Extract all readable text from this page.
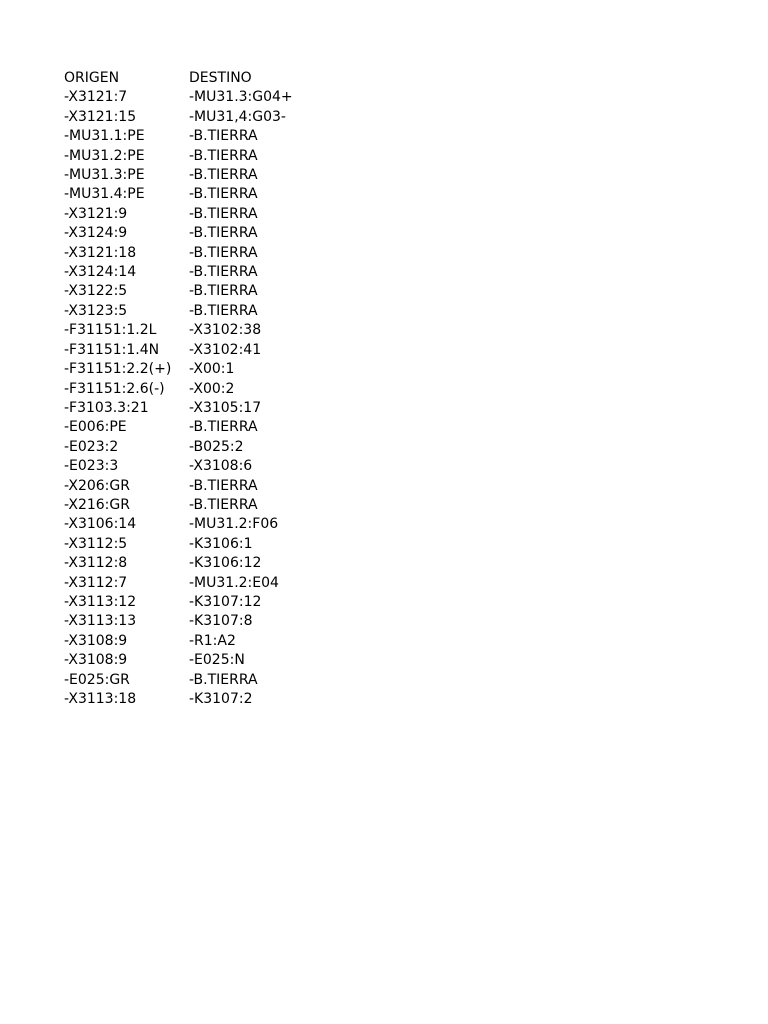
ORIGEN	DESTINO
-X3121:7	-MU31.3:G04+
-X3121:15	-MU31,4:G03-
-MU31.1:PE	-B.TIERRA
-MU31.2:PE	-B.TIERRA
-MU31.3:PE	-B.TIERRA
-MU31.4:PE	-B.TIERRA
-X3121:9	-B.TIERRA
-X3124:9	-B.TIERRA
-X3121:18	-B.TIERRA
-X3124:14	-B.TIERRA
-X3122:5	-B.TIERRA
-X3123:5	-B.TIERRA
-F31151:1.2L	-X3102:38
-F31151:1.4N	-X3102:41
-F31151:2.2(+)	-X00:1
-F31151:2.6(-)	-X00:2
-F3103.3:21	-X3105:17
-E006:PE	-B.TIERRA
-E023:2	-B025:2
-E023:3	-X3108:6
-X206:GR	-B.TIERRA
-X216:GR	-B.TIERRA
-X3106:14	-MU31.2:F06
-X3112:5	-K3106:1
-X3112:8	-K3106:12
-X3112:7	-MU31.2:E04
-X3113:12	-K3107:12
-X3113:13	-K3107:8
-X3108:9	-R1:A2
-X3108:9	-E025:N
-E025:GR	-B.TIERRA
-X3113:18	-K3107:2
